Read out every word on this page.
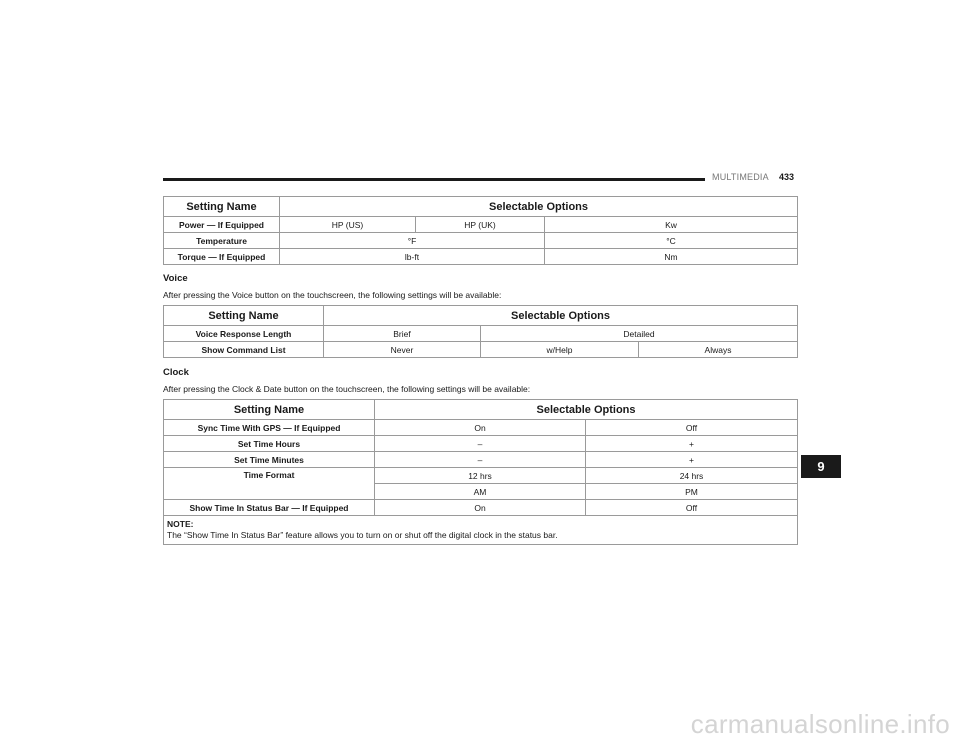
MULTIMEDIA 433
Setting Name	Selectable Options		
Power — If Equipped	HP (US)	HP (UK)	Kw
Temperature	°F		°C
Torque — If Equipped	lb-ft		Nm
Voice
After pressing the Voice button on the touchscreen, the following settings will be available:
Setting Name	Selectable Options		
Voice Response Length	Brief	Detailed	
Show Command List	Never	w/Help	Always
Clock
After pressing the Clock & Date button on the touchscreen, the following settings will be available:
Setting Name	Selectable Options	
Sync Time With GPS — If Equipped	On	Off
Set Time Hours	–	+
Set Time Minutes	–	+
Time Format	12 hrs	24 hrs
	AM	PM
Show Time In Status Bar — If Equipped	On	Off

NOTE:
The “Show Time In Status Bar” feature allows you to turn on or shut off the digital clock in the status bar.		
9
carmanualsonline.info
